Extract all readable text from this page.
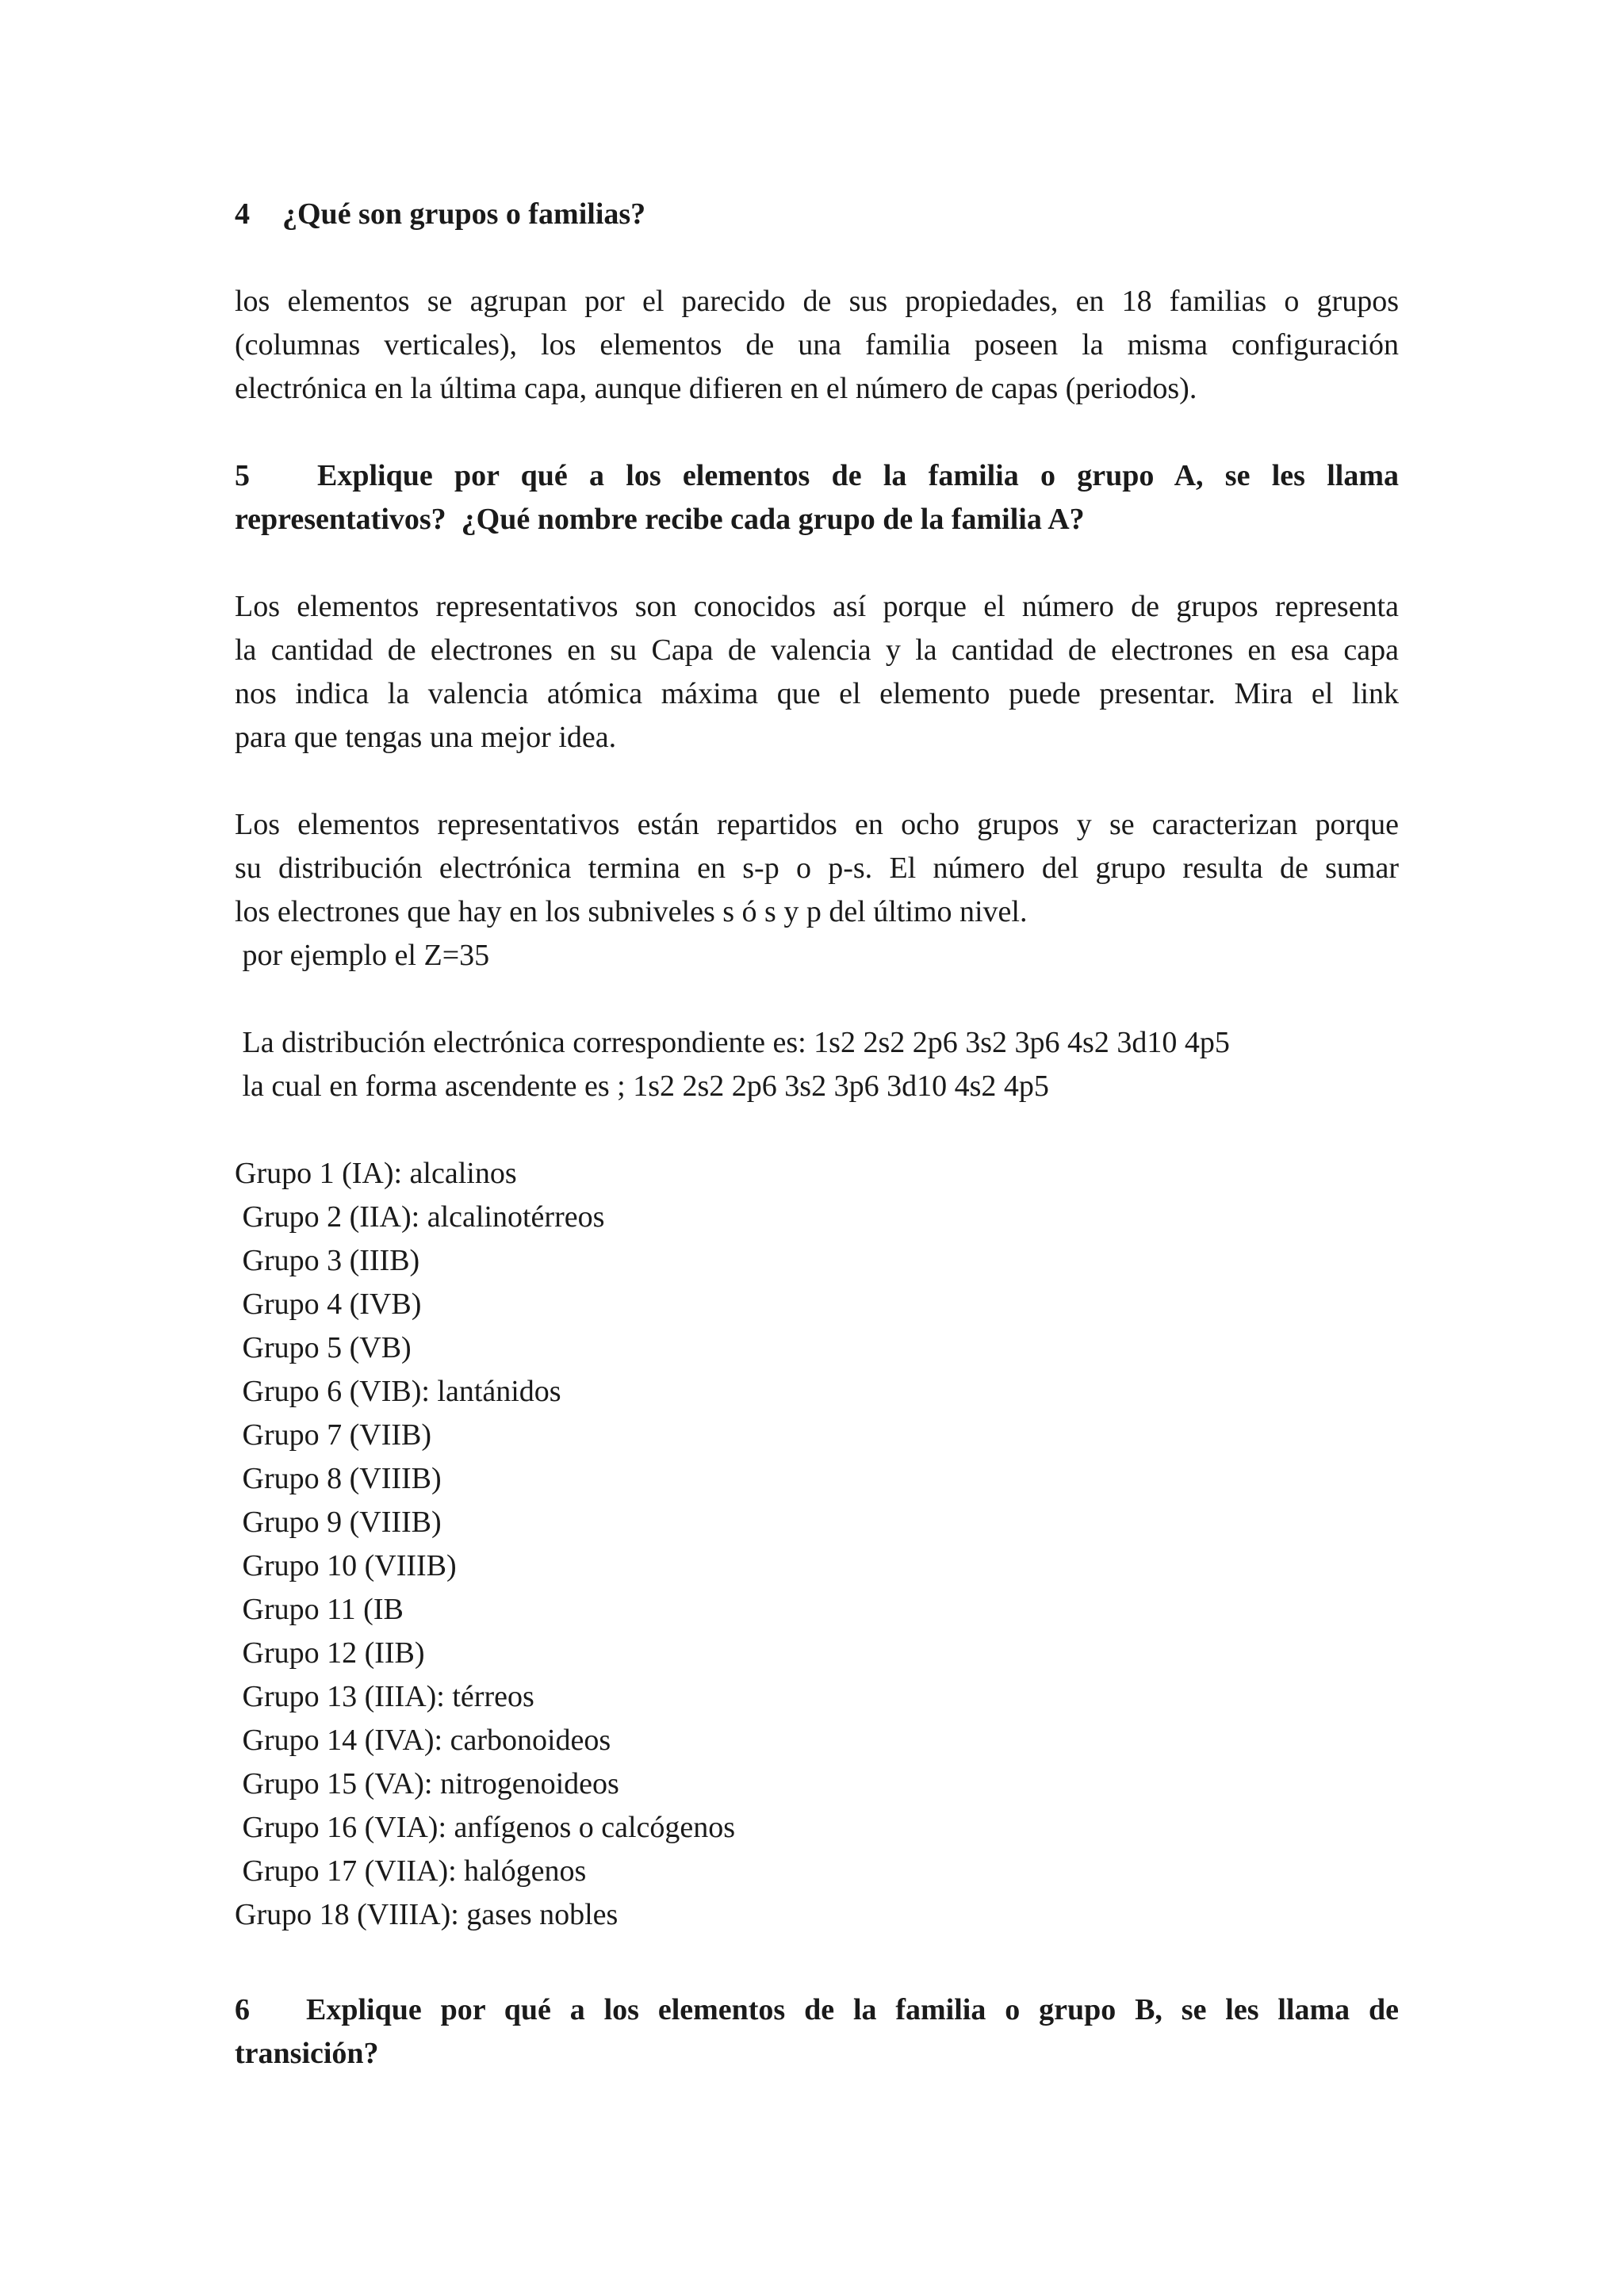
4 ¿Qué son grupos o familias?

los elementos se agrupan por el parecido de sus propiedades, en 18 familias o grupos
(columnas verticales), los elementos de una familia poseen la misma configuración
electrónica en la última capa, aunque difieren en el número de capas (periodos).
5 Explique por qué a los elementos de la familia o grupo A, se les llama
representativos?  ¿Qué nombre recibe cada grupo de la familia A?
Los elementos representativos son conocidos así porque el número de grupos representa
la cantidad de electrones en su Capa de valencia y la cantidad de electrones en esa capa
nos indica la valencia atómica máxima que el elemento puede presentar. Mira el link
para que tengas una mejor idea.
Los elementos representativos están repartidos en ocho grupos y se caracterizan porque
su distribución electrónica termina en s-p o p-s. El número del grupo resulta de sumar
los electrones que hay en los subniveles s ó s y p del último nivel.
por ejemplo el Z=35
La distribución electrónica correspondiente es: 1s2 2s2 2p6 3s2 3p6 4s2 3d10 4p5
la cual en forma ascendente es ; 1s2 2s2 2p6 3s2 3p6 3d10 4s2 4p5
Grupo 1 (IA): alcalinos
Grupo 2 (IIA): alcalinotérreos
Grupo 3 (IIIB)
Grupo 4 (IVB)
Grupo 5 (VB)
Grupo 6 (VIB): lantánidos
Grupo 7 (VIIB)
Grupo 8 (VIIIB)
Grupo 9 (VIIIB)
Grupo 10 (VIIIB)
Grupo 11 (IB
Grupo 12 (IIB)
Grupo 13 (IIIA): térreos
Grupo 14 (IVA): carbonoideos
Grupo 15 (VA): nitrogenoideos
Grupo 16 (VIA): anfígenos o calcógenos
Grupo 17 (VIIA): halógenos
Grupo 18 (VIIIA): gases nobles
6 Explique por qué a los elementos de la familia o grupo B, se les llama de
transición?
